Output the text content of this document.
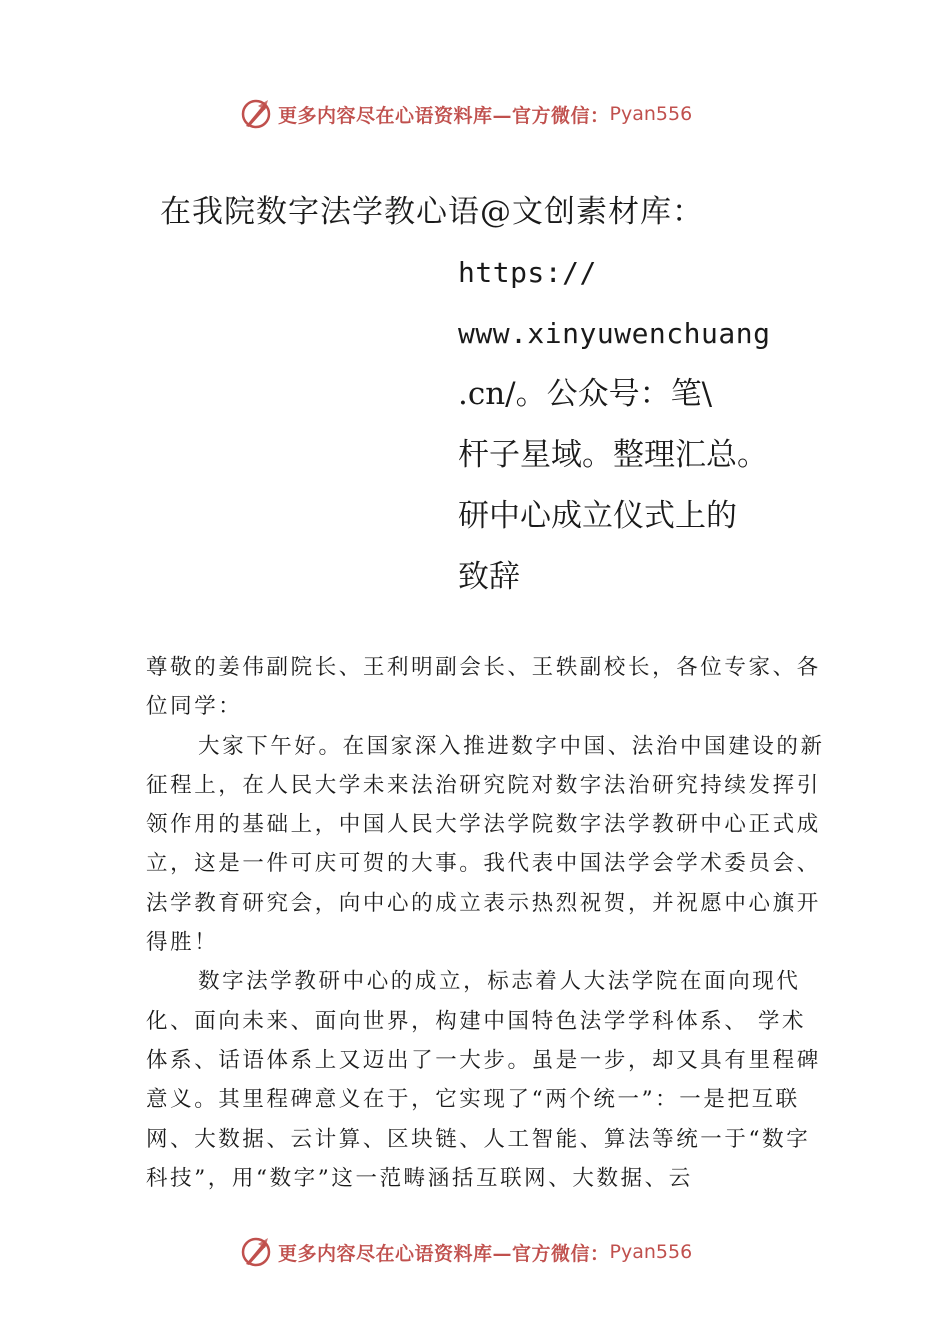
更多内容尽在心语资料库—官方微信： Pyan556
在我院数字法学教心语@文创素材库：
https://
www.xinyuwenchuang
.cn/。公众号：笔\
杆子星域。整理汇总。
研中心成立仪式上的
致辞

尊敬的姜伟副院长、王利明副会长、王轶副校长，各位专家、各位同学：

大家下午好。在国家深入推进数字中国、法治中国建设的新征程上，在人民大学未来法治研究院对数字法治研究持续发挥引领作用的基础上，中国人民大学法学院数字法学教研中心正式成立，这是一件可庆可贺的大事。我代表中国法学会学术委员会、法学教育研究会，向中心的成立表示热烈祝贺，并祝愿中心旗开得胜！

数字法学教研中心的成立，标志着人大法学院在面向现代化、面向未来、面向世界，构建中国特色法学学科体系、 学术体系、话语体系上又迈出了一大步。虽是一步，却又具有里程碑意义。其里程碑意义在于，它实现了“两个统一”：一是把互联网、大数据、云计算、区块链、人工智能、算法等统一于“数字科技”，用“数字”这一范畴涵括互联网、大数据、云

更多内容尽在心语资料库—官方微信： Pyan556
